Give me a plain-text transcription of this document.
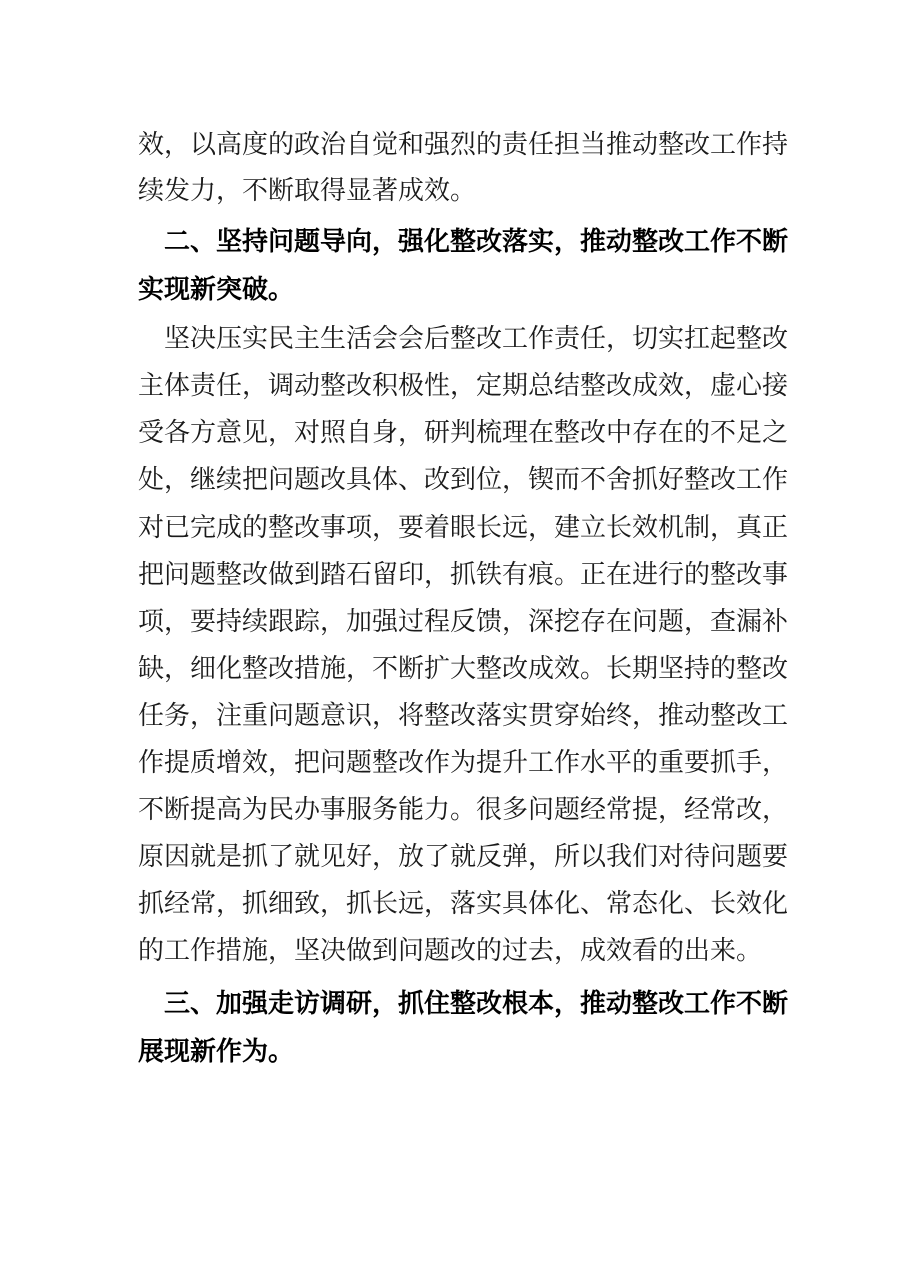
效，以高度的政治自觉和强烈的责任担当推动整改工作持
续发力，不断取得显著成效。
　二、坚持问题导向，强化整改落实，推动整改工作不断
实现新突破。
　坚决压实民主生活会会后整改工作责任，切实扛起整改
主体责任，调动整改积极性，定期总结整改成效，虚心接
受各方意见，对照自身，研判梳理在整改中存在的不足之
处，继续把问题改具体、改到位，锲而不舍抓好整改工作
对已完成的整改事项，要着眼长远，建立长效机制，真正
把问题整改做到踏石留印，抓铁有痕。正在进行的整改事
项，要持续跟踪，加强过程反馈，深挖存在问题，查漏补
缺，细化整改措施，不断扩大整改成效。长期坚持的整改
任务，注重问题意识，将整改落实贯穿始终，推动整改工
作提质增效，把问题整改作为提升工作水平的重要抓手，
不断提高为民办事服务能力。很多问题经常提，经常改，
原因就是抓了就见好，放了就反弹，所以我们对待问题要
抓经常，抓细致，抓长远，落实具体化、常态化、长效化
的工作措施，坚决做到问题改的过去，成效看的出来。
　三、加强走访调研，抓住整改根本，推动整改工作不断
展现新作为。
